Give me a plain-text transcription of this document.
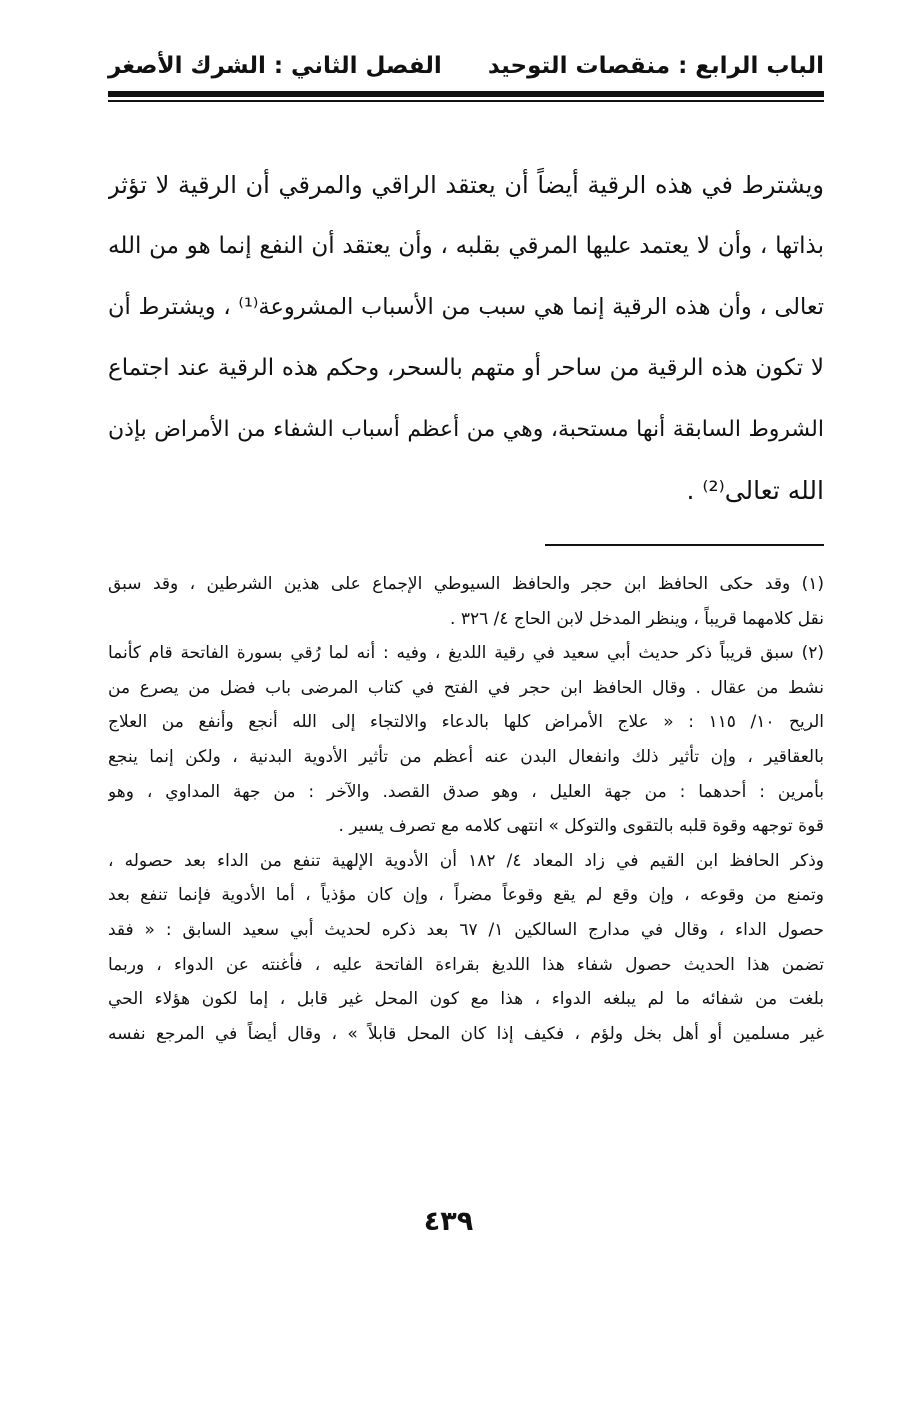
الباب الرابع : منقصات التوحيد
الفصل الثاني : الشرك الأصغر
ويشترط في هذه الرقية أيضاً أن يعتقد الراقي والمرقي أن الرقية لا تؤثر
بذاتها ، وأن لا يعتمد عليها المرقي بقلبه ، وأن يعتقد أن النفع إنما هو من الله
تعالى ، وأن هذه الرقية إنما هي سبب من الأسباب المشروعة⁽¹⁾ ، ويشترط أن
لا تكون هذه الرقية من ساحر أو متهم بالسحر، وحكم هذه الرقية عند اجتماع
الشروط السابقة أنها مستحبة، وهي من أعظم أسباب الشفاء من الأمراض بإذن
الله تعالى⁽²⁾ .
(١) وقد حكى الحافظ ابن حجر والحافظ السيوطي الإجماع على هذين الشرطين ، وقد سبق
نقل كلامهما قريباً ، وينظر المدخل لابن الحاج ٤/ ٣٢٦ .
(٢) سبق قريباً ذكر حديث أبي سعيد في رقية اللديغ ، وفيه : أنه لما رُقي بسورة الفاتحة قام كأنما
نشط من عقال . وقال الحافظ ابن حجر في الفتح في كتاب المرضى باب فضل من يصرع من
الريح ١٠/ ١١٥ : « علاج الأمراض كلها بالدعاء والالتجاء إلى الله أنجع وأنفع من العلاج
بالعقاقير ، وإن تأثير ذلك وانفعال البدن عنه أعظم من تأثير الأدوية البدنية ، ولكن إنما ينجع
بأمرين : أحدهما : من جهة العليل ، وهو صدق القصد. والآخر : من جهة المداوي ، وهو
قوة توجهه وقوة قلبه بالتقوى والتوكل » انتهى كلامه مع تصرف يسير .
وذكر الحافظ ابن القيم في زاد المعاد ٤/ ١٨٢ أن الأدوية الإلهية تنفع من الداء بعد حصوله ،
وتمنع من وقوعه ، وإن وقع لم يقع وقوعاً مضراً ، وإن كان مؤذياً ، أما الأدوية فإنما تنفع بعد
حصول الداء ، وقال في مدارج السالكين ١/ ٦٧ بعد ذكره لحديث أبي سعيد السابق : « فقد
تضمن هذا الحديث حصول شفاء هذا اللديغ بقراءة الفاتحة عليه ، فأغنته عن الدواء ، وربما
بلغت من شفائه ما لم يبلغه الدواء ، هذا مع كون المحل غير قابل ، إما لكون هؤلاء الحي
غير مسلمين أو أهل بخل ولؤم ، فكيف إذا كان المحل قابلاً » ، وقال أيضاً في المرجع نفسه
٤٣٩
